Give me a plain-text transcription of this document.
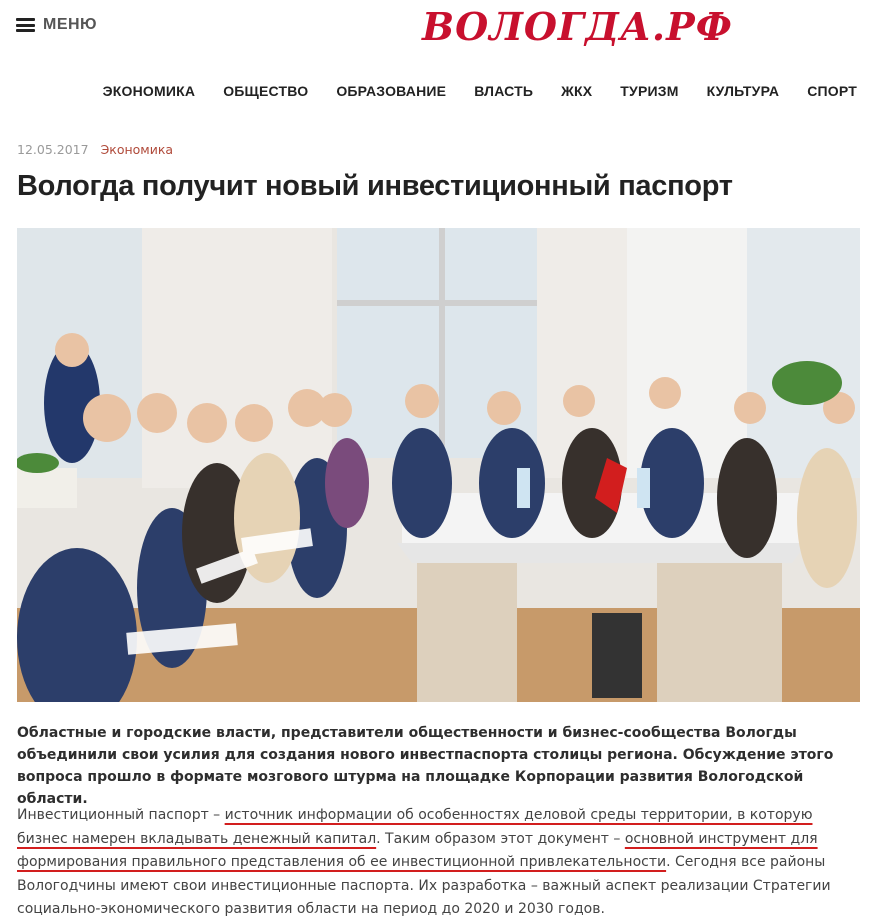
МЕНЮ	ВОЛОГДА.РФ
ЭКОНОМИКА ОБЩЕСТВО ОБРАЗОВАНИЕ ВЛАСТЬ ЖКХ ТУРИЗМ КУЛЬТУРА СПОРТ
12.05.2017 Экономика
Вологда получит новый инвестиционный паспорт

Областные и городские власти, представители общественности и бизнес-сообщества Вологды объединили свои усилия для создания нового инвестпаспорта столицы региона. Обсуждение этого вопроса прошло в формате мозгового штурма на площадке Корпорации развития Вологодской области.

Инвестиционный паспорт – источник информации об особенностях деловой среды территории, в которую бизнес намерен вкладывать денежный капитал. Таким образом этот документ – основной инструмент для формирования правильного представления об ее инвестиционной привлекательности. Сегодня все районы Вологодчины имеют свои инвестиционные паспорта. Их разработка – важный аспект реализации Стратегии социально-экономического развития области на период до 2020 и 2030 годов.
